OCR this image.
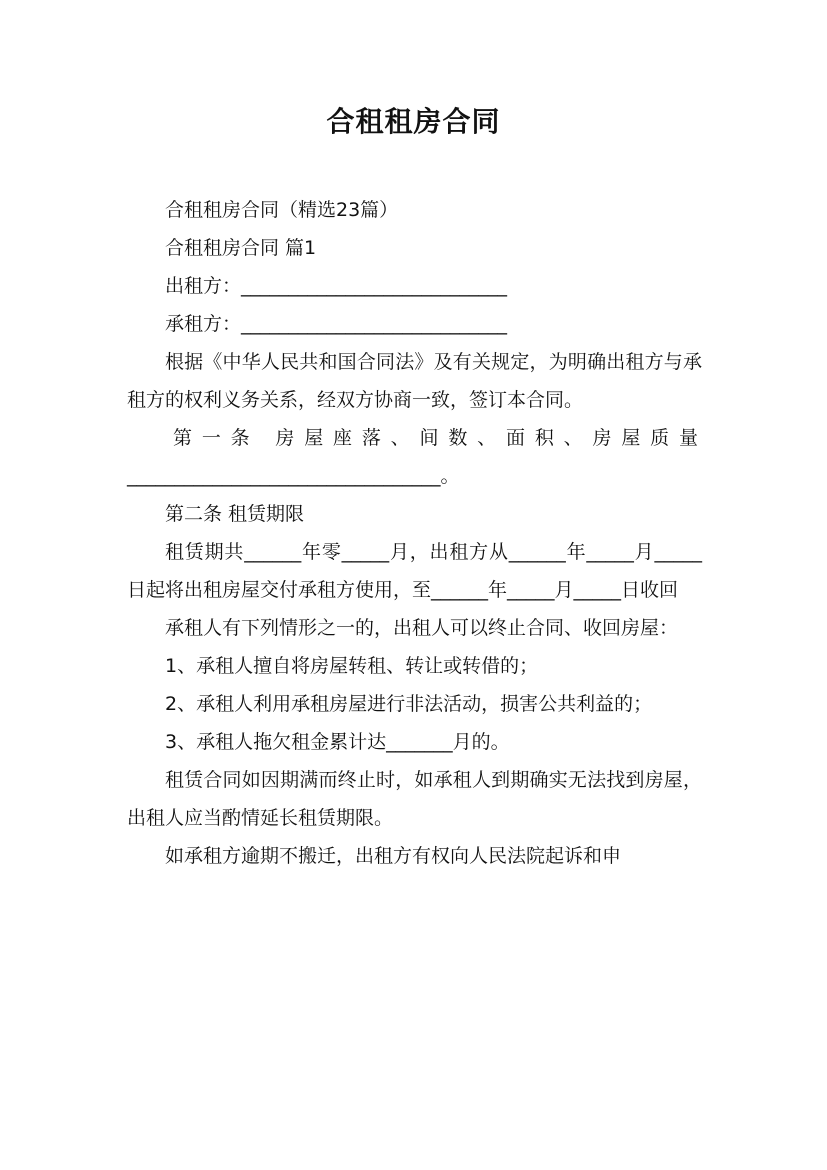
合租租房合同

合租租房合同（精选23篇）

合租租房合同 篇1

出租方：____________________________

承租方：____________________________

根据《中华人民共和国合同法》及有关规定，为明确出租方与承租方的权利义务关系，经双方协商一致，签订本合同。

第一条 房屋座落、间数、面积、房屋质量

_________________________________。

第二条 租赁期限

租赁期共______年零_____月，出租方从______年_____月_____日起将出租房屋交付承租方使用，至______年_____月_____日收回

承租人有下列情形之一的，出租人可以终止合同、收回房屋：

1、承租人擅自将房屋转租、转让或转借的；

2、承租人利用承租房屋进行非法活动，损害公共利益的；

3、承租人拖欠租金累计达_______月的。

租赁合同如因期满而终止时，如承租人到期确实无法找到房屋，出租人应当酌情延长租赁期限。

如承租方逾期不搬迁，出租方有权向人民法院起诉和申
